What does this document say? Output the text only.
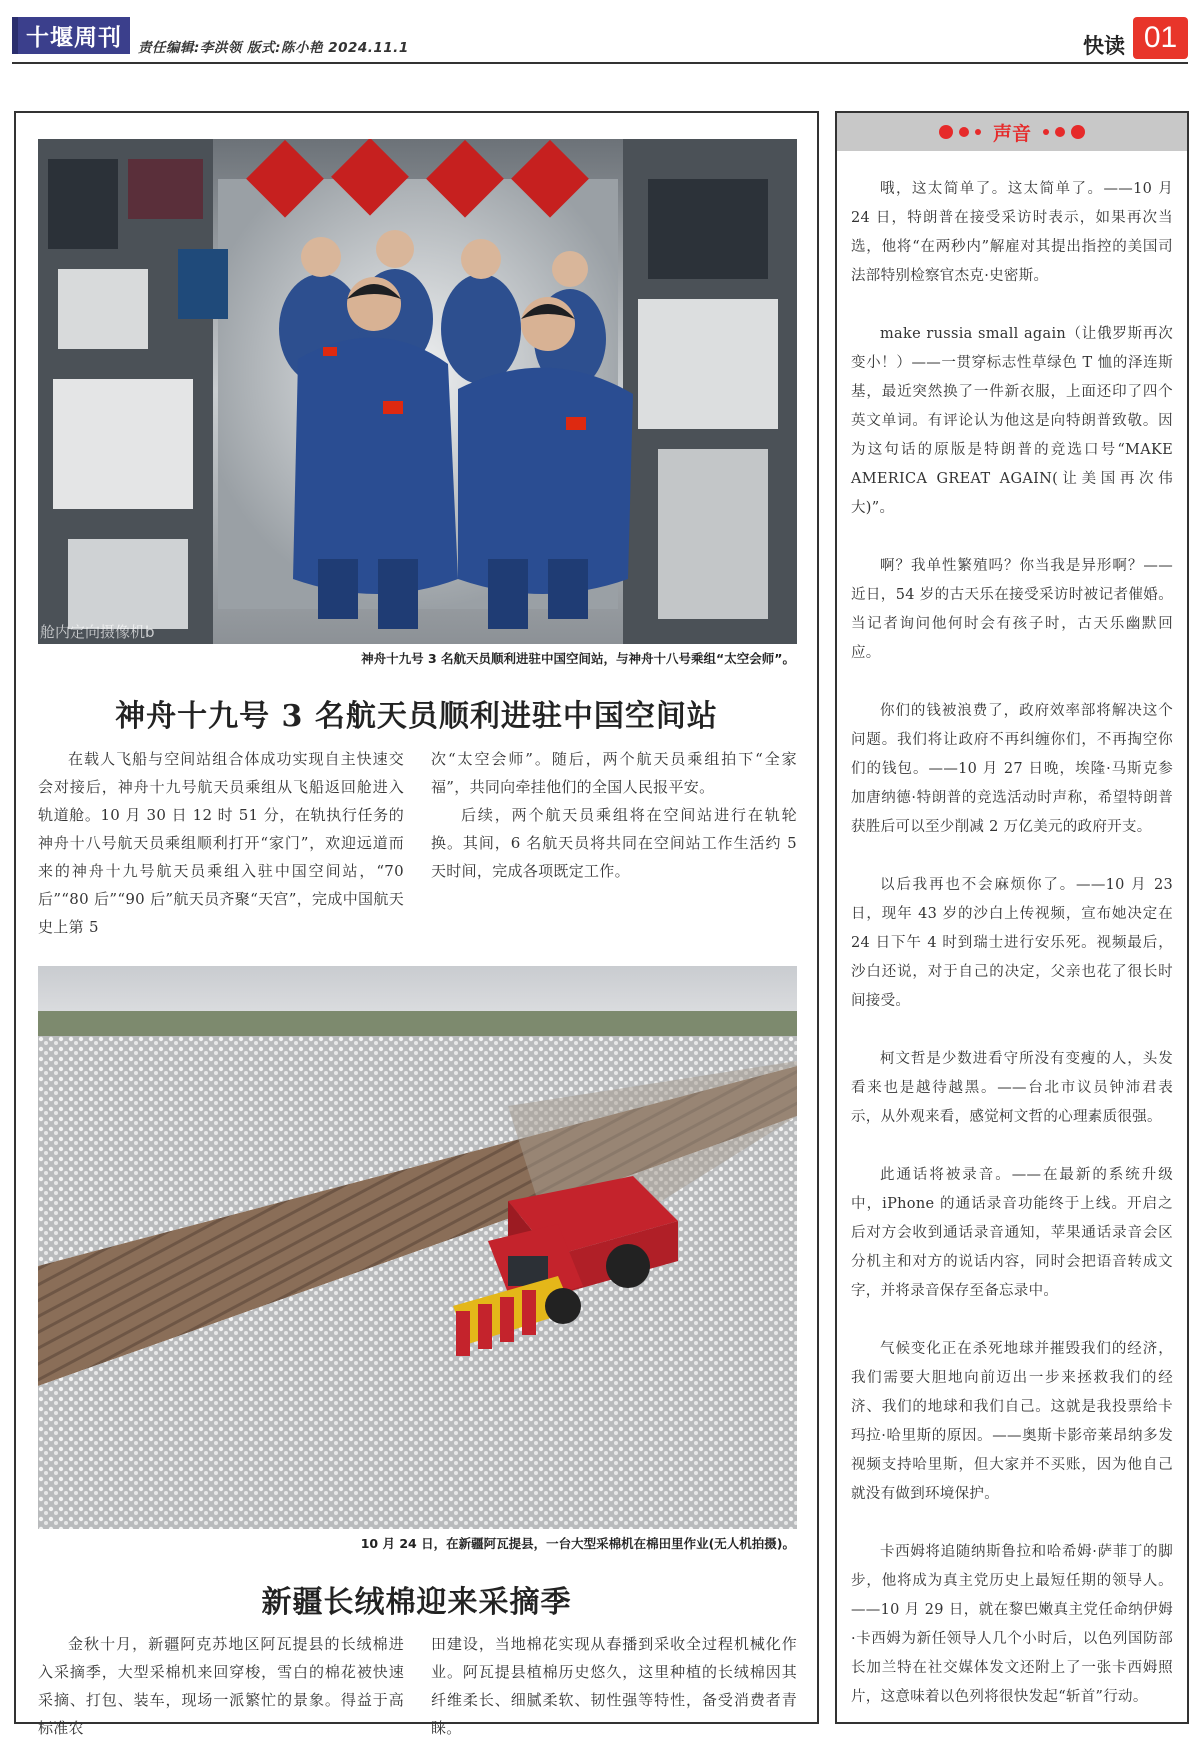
十堰周刊 责任编辑:李洪领 版式:陈小艳 2024.11.1	快读 01
舱内定向摄像机b
神舟十九号 3 名航天员顺利进驻中国空间站，与神舟十八号乘组“太空会师”。
神舟十九号 3 名航天员顺利进驻中国空间站

在载人飞船与空间站组合体成功实现自主快速交会对接后，神舟十九号航天员乘组从飞船返回舱进入轨道舱。10 月 30 日 12 时 51 分，在轨执行任务的神舟十八号航天员乘组顺利打开“家门”，欢迎远道而来的神舟十九号航天员乘组入驻中国空间站，“70 后”“80 后”“90 后”航天员齐聚“天宫”，完成中国航天史上第 5

次“太空会师”。随后，两个航天员乘组拍下“全家福”，共同向牵挂他们的全国人民报平安。

后续，两个航天员乘组将在空间站进行在轨轮换。其间，6 名航天员将共同在空间站工作生活约 5 天时间，完成各项既定工作。

10 月 24 日，在新疆阿瓦提县，一台大型采棉机在棉田里作业(无人机拍摄)。
新疆长绒棉迎来采摘季

金秋十月，新疆阿克苏地区阿瓦提县的长绒棉进入采摘季，大型采棉机来回穿梭，雪白的棉花被快速采摘、打包、装车，现场一派繁忙的景象。得益于高标准农

田建设，当地棉花实现从春播到采收全过程机械化作业。阿瓦提县植棉历史悠久，这里种植的长绒棉因其纤维柔长、细腻柔软、韧性强等特性，备受消费者青睐。

声音

哦，这太简单了。这太简单了。——10 月 24 日，特朗普在接受采访时表示，如果再次当选，他将“在两秒内”解雇对其提出指控的美国司法部特别检察官杰克·史密斯。

make russia small again（让俄罗斯再次变小！）——一贯穿标志性草绿色 T 恤的泽连斯基，最近突然换了一件新衣服，上面还印了四个英文单词。有评论认为他这是向特朗普致敬。因为这句话的原版是特朗普的竞选口号“MAKE AMERICA GREAT AGAIN(让美国再次伟大)”。

啊？我单性繁殖吗？你当我是异形啊？——近日，54 岁的古天乐在接受采访时被记者催婚。当记者询问他何时会有孩子时，古天乐幽默回应。

你们的钱被浪费了，政府效率部将解决这个问题。我们将让政府不再纠缠你们，不再掏空你们的钱包。——10 月 27 日晚，埃隆·马斯克参加唐纳德·特朗普的竞选活动时声称，希望特朗普获胜后可以至少削减 2 万亿美元的政府开支。

以后我再也不会麻烦你了。——10 月 23 日，现年 43 岁的沙白上传视频，宣布她决定在 24 日下午 4 时到瑞士进行安乐死。视频最后，沙白还说，对于自己的决定，父亲也花了很长时间接受。

柯文哲是少数进看守所没有变瘦的人，头发看来也是越待越黑。——台北市议员钟沛君表示，从外观来看，感觉柯文哲的心理素质很强。

此通话将被录音。——在最新的系统升级中，iPhone 的通话录音功能终于上线。开启之后对方会收到通话录音通知，苹果通话录音会区分机主和对方的说话内容，同时会把语音转成文字，并将录音保存至备忘录中。

气候变化正在杀死地球并摧毁我们的经济，我们需要大胆地向前迈出一步来拯救我们的经济、我们的地球和我们自己。这就是我投票给卡玛拉·哈里斯的原因。——奥斯卡影帝莱昂纳多发视频支持哈里斯，但大家并不买账，因为他自己就没有做到环境保护。

卡西姆将追随纳斯鲁拉和哈希姆·萨菲丁的脚步，他将成为真主党历史上最短任期的领导人。——10 月 29 日，就在黎巴嫩真主党任命纳伊姆·卡西姆为新任领导人几个小时后，以色列国防部长加兰特在社交媒体发文还附上了一张卡西姆照片，这意味着以色列将很快发起“斩首”行动。
